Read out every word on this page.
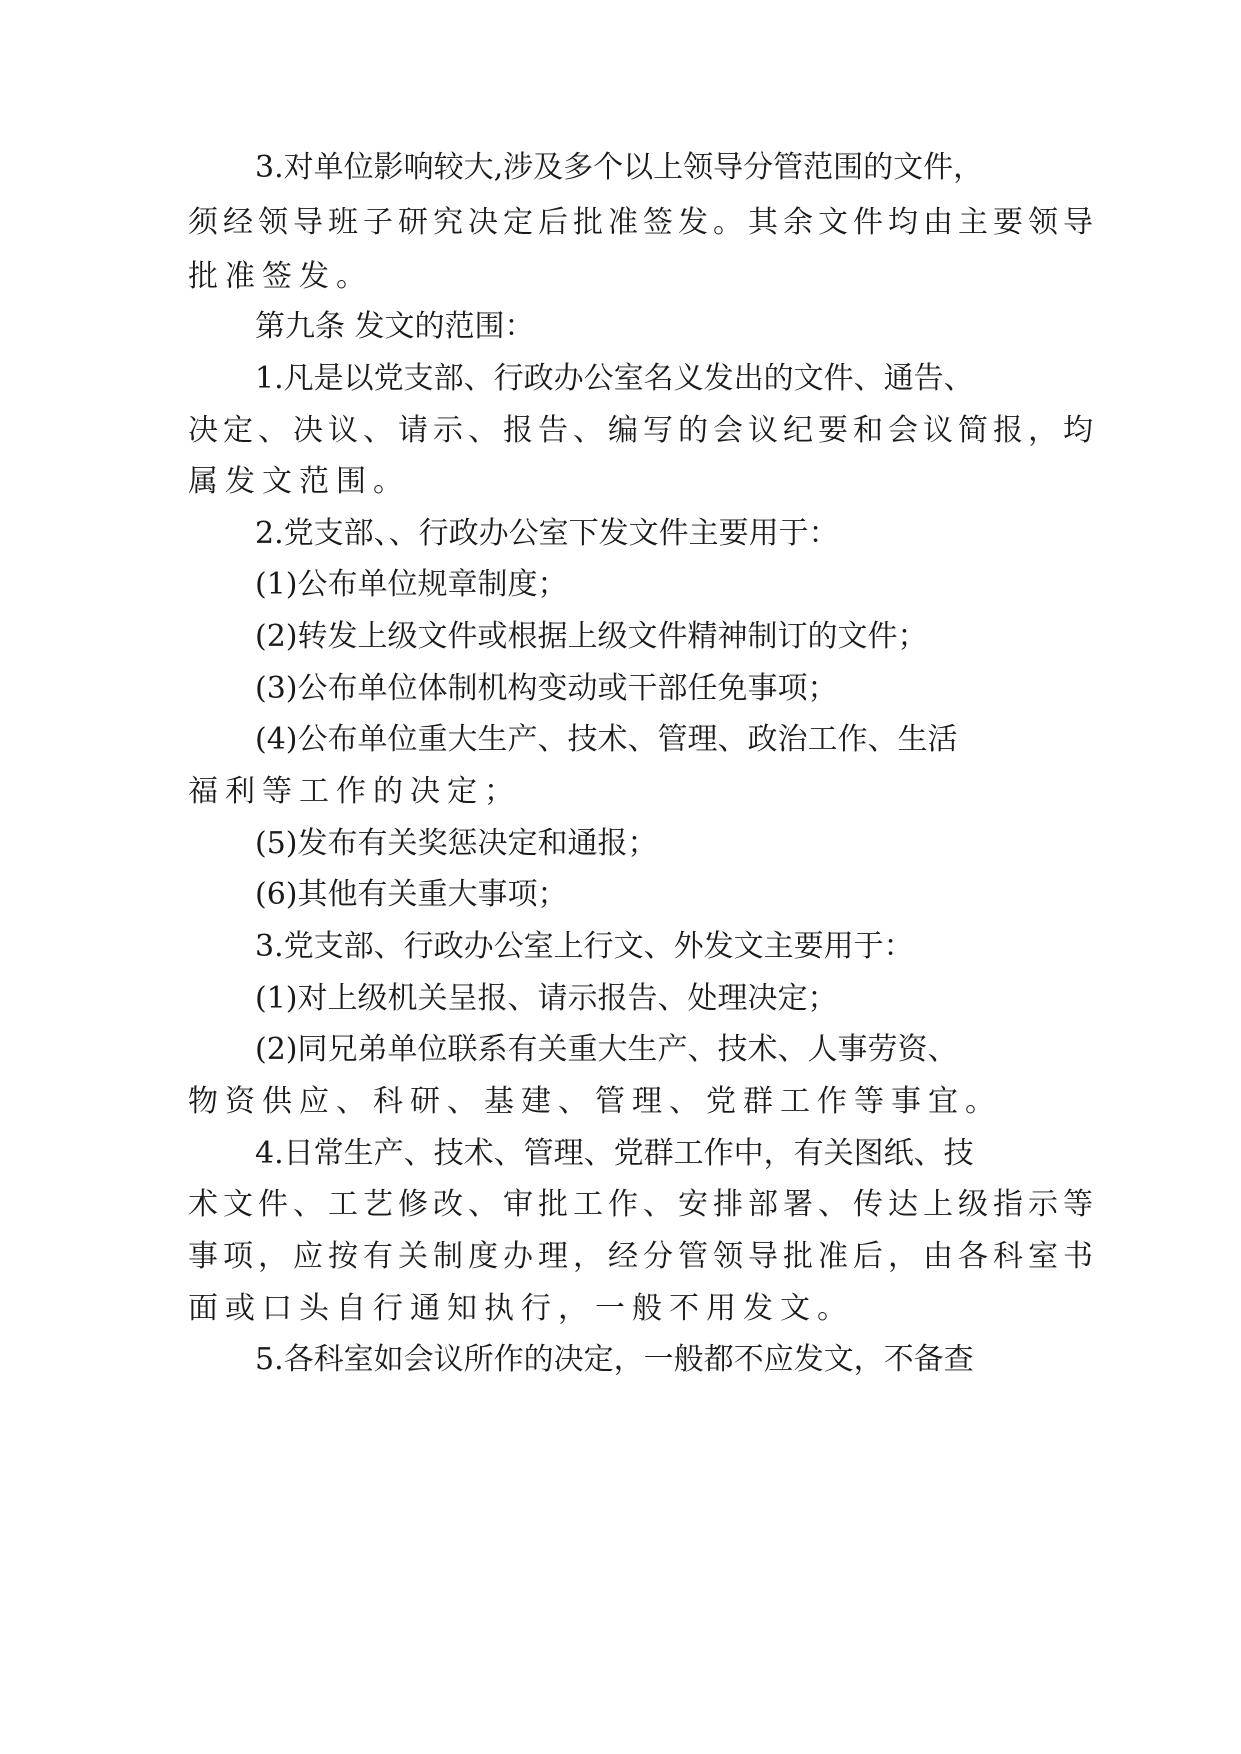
3.对单位影响较大,涉及多个以上领导分管范围的文件，
须经领导班子研究决定后批准签发。其余文件均由主要领导
批准签发。
第九条 发文的范围：
1.凡是以党支部、行政办公室名义发出的文件、通告、
决定、决议、请示、报告、编写的会议纪要和会议简报，均
属发文范围。
2.党支部、、行政办公室下发文件主要用于：
(1)公布单位规章制度；
(2)转发上级文件或根据上级文件精神制订的文件；
(3)公布单位体制机构变动或干部任免事项；
(4)公布单位重大生产、技术、管理、政治工作、生活
福利等工作的决定；
(5)发布有关奖惩决定和通报；
(6)其他有关重大事项；
3.党支部、行政办公室上行文、外发文主要用于：
(1)对上级机关呈报、请示报告、处理决定；
(2)同兄弟单位联系有关重大生产、技术、人事劳资、
物资供应、科研、基建、管理、党群工作等事宜。
4.日常生产、技术、管理、党群工作中，有关图纸、技
术文件、工艺修改、审批工作、安排部署、传达上级指示等
事项，应按有关制度办理，经分管领导批准后，由各科室书
面或口头自行通知执行，一般不用发文。
5.各科室如会议所作的决定，一般都不应发文，不备查
